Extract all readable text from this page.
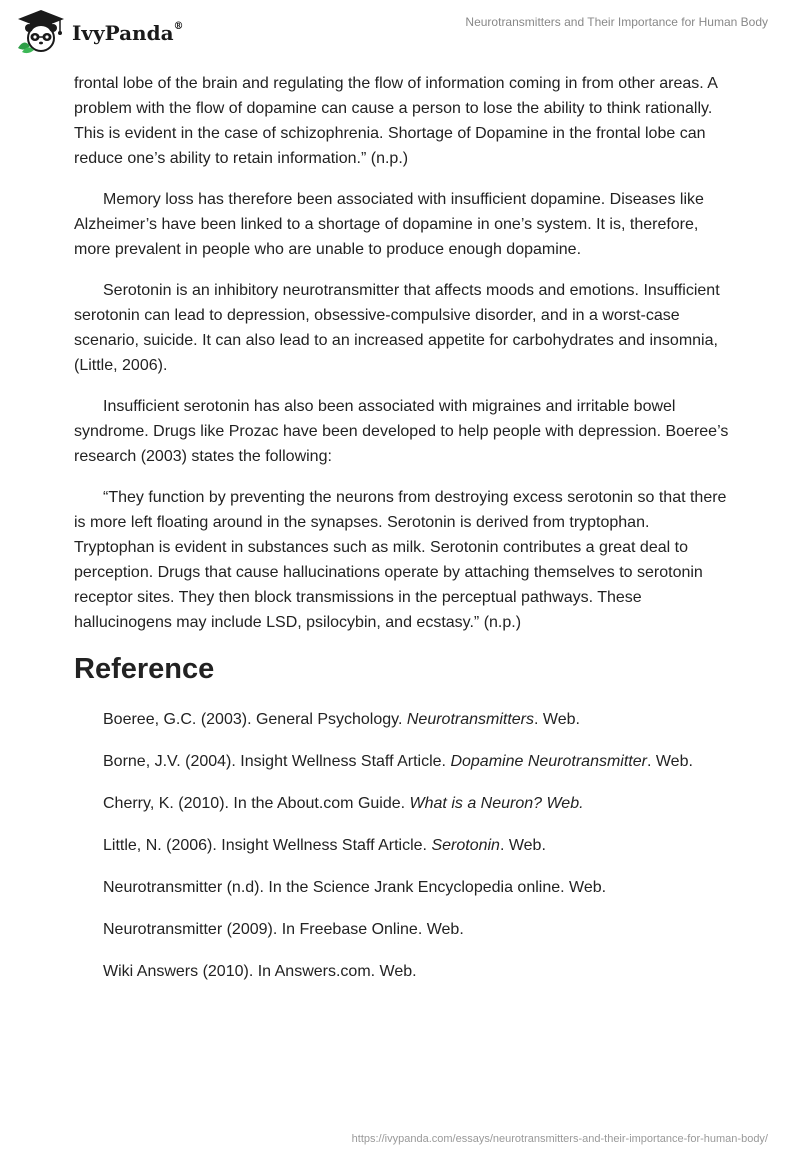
IvyPanda®	Neurotransmitters and Their Importance for Human Body

frontal lobe of the brain and regulating the flow of information coming in from other areas. A problem with the flow of dopamine can cause a person to lose the ability to think rationally. This is evident in the case of schizophrenia. Shortage of Dopamine in the frontal lobe can reduce one’s ability to retain information.” (n.p.)

Memory loss has therefore been associated with insufficient dopamine. Diseases like Alzheimer’s have been linked to a shortage of dopamine in one’s system. It is, therefore, more prevalent in people who are unable to produce enough dopamine.

Serotonin is an inhibitory neurotransmitter that affects moods and emotions. Insufficient serotonin can lead to depression, obsessive-compulsive disorder, and in a worst-case scenario, suicide. It can also lead to an increased appetite for carbohydrates and insomnia, (Little, 2006).

Insufficient serotonin has also been associated with migraines and irritable bowel syndrome. Drugs like Prozac have been developed to help people with depression. Boeree’s research (2003) states the following:

“They function by preventing the neurons from destroying excess serotonin so that there is more left floating around in the synapses. Serotonin is derived from tryptophan. Tryptophan is evident in substances such as milk. Serotonin contributes a great deal to perception. Drugs that cause hallucinations operate by attaching themselves to serotonin receptor sites. They then block transmissions in the perceptual pathways. These hallucinogens may include LSD, psilocybin, and ecstasy.” (n.p.)

Reference
Boeree, G.C. (2003). General Psychology. Neurotransmitters. Web.
Borne, J.V. (2004). Insight Wellness Staff Article. Dopamine Neurotransmitter. Web.
Cherry, K. (2010). In the About.com Guide. What is a Neuron? Web.
Little, N. (2006). Insight Wellness Staff Article. Serotonin. Web.
Neurotransmitter (n.d). In the Science Jrank Encyclopedia online. Web.
Neurotransmitter (2009). In Freebase Online. Web.
Wiki Answers (2010). In Answers.com. Web.
https://ivypanda.com/essays/neurotransmitters-and-their-importance-for-human-body/
